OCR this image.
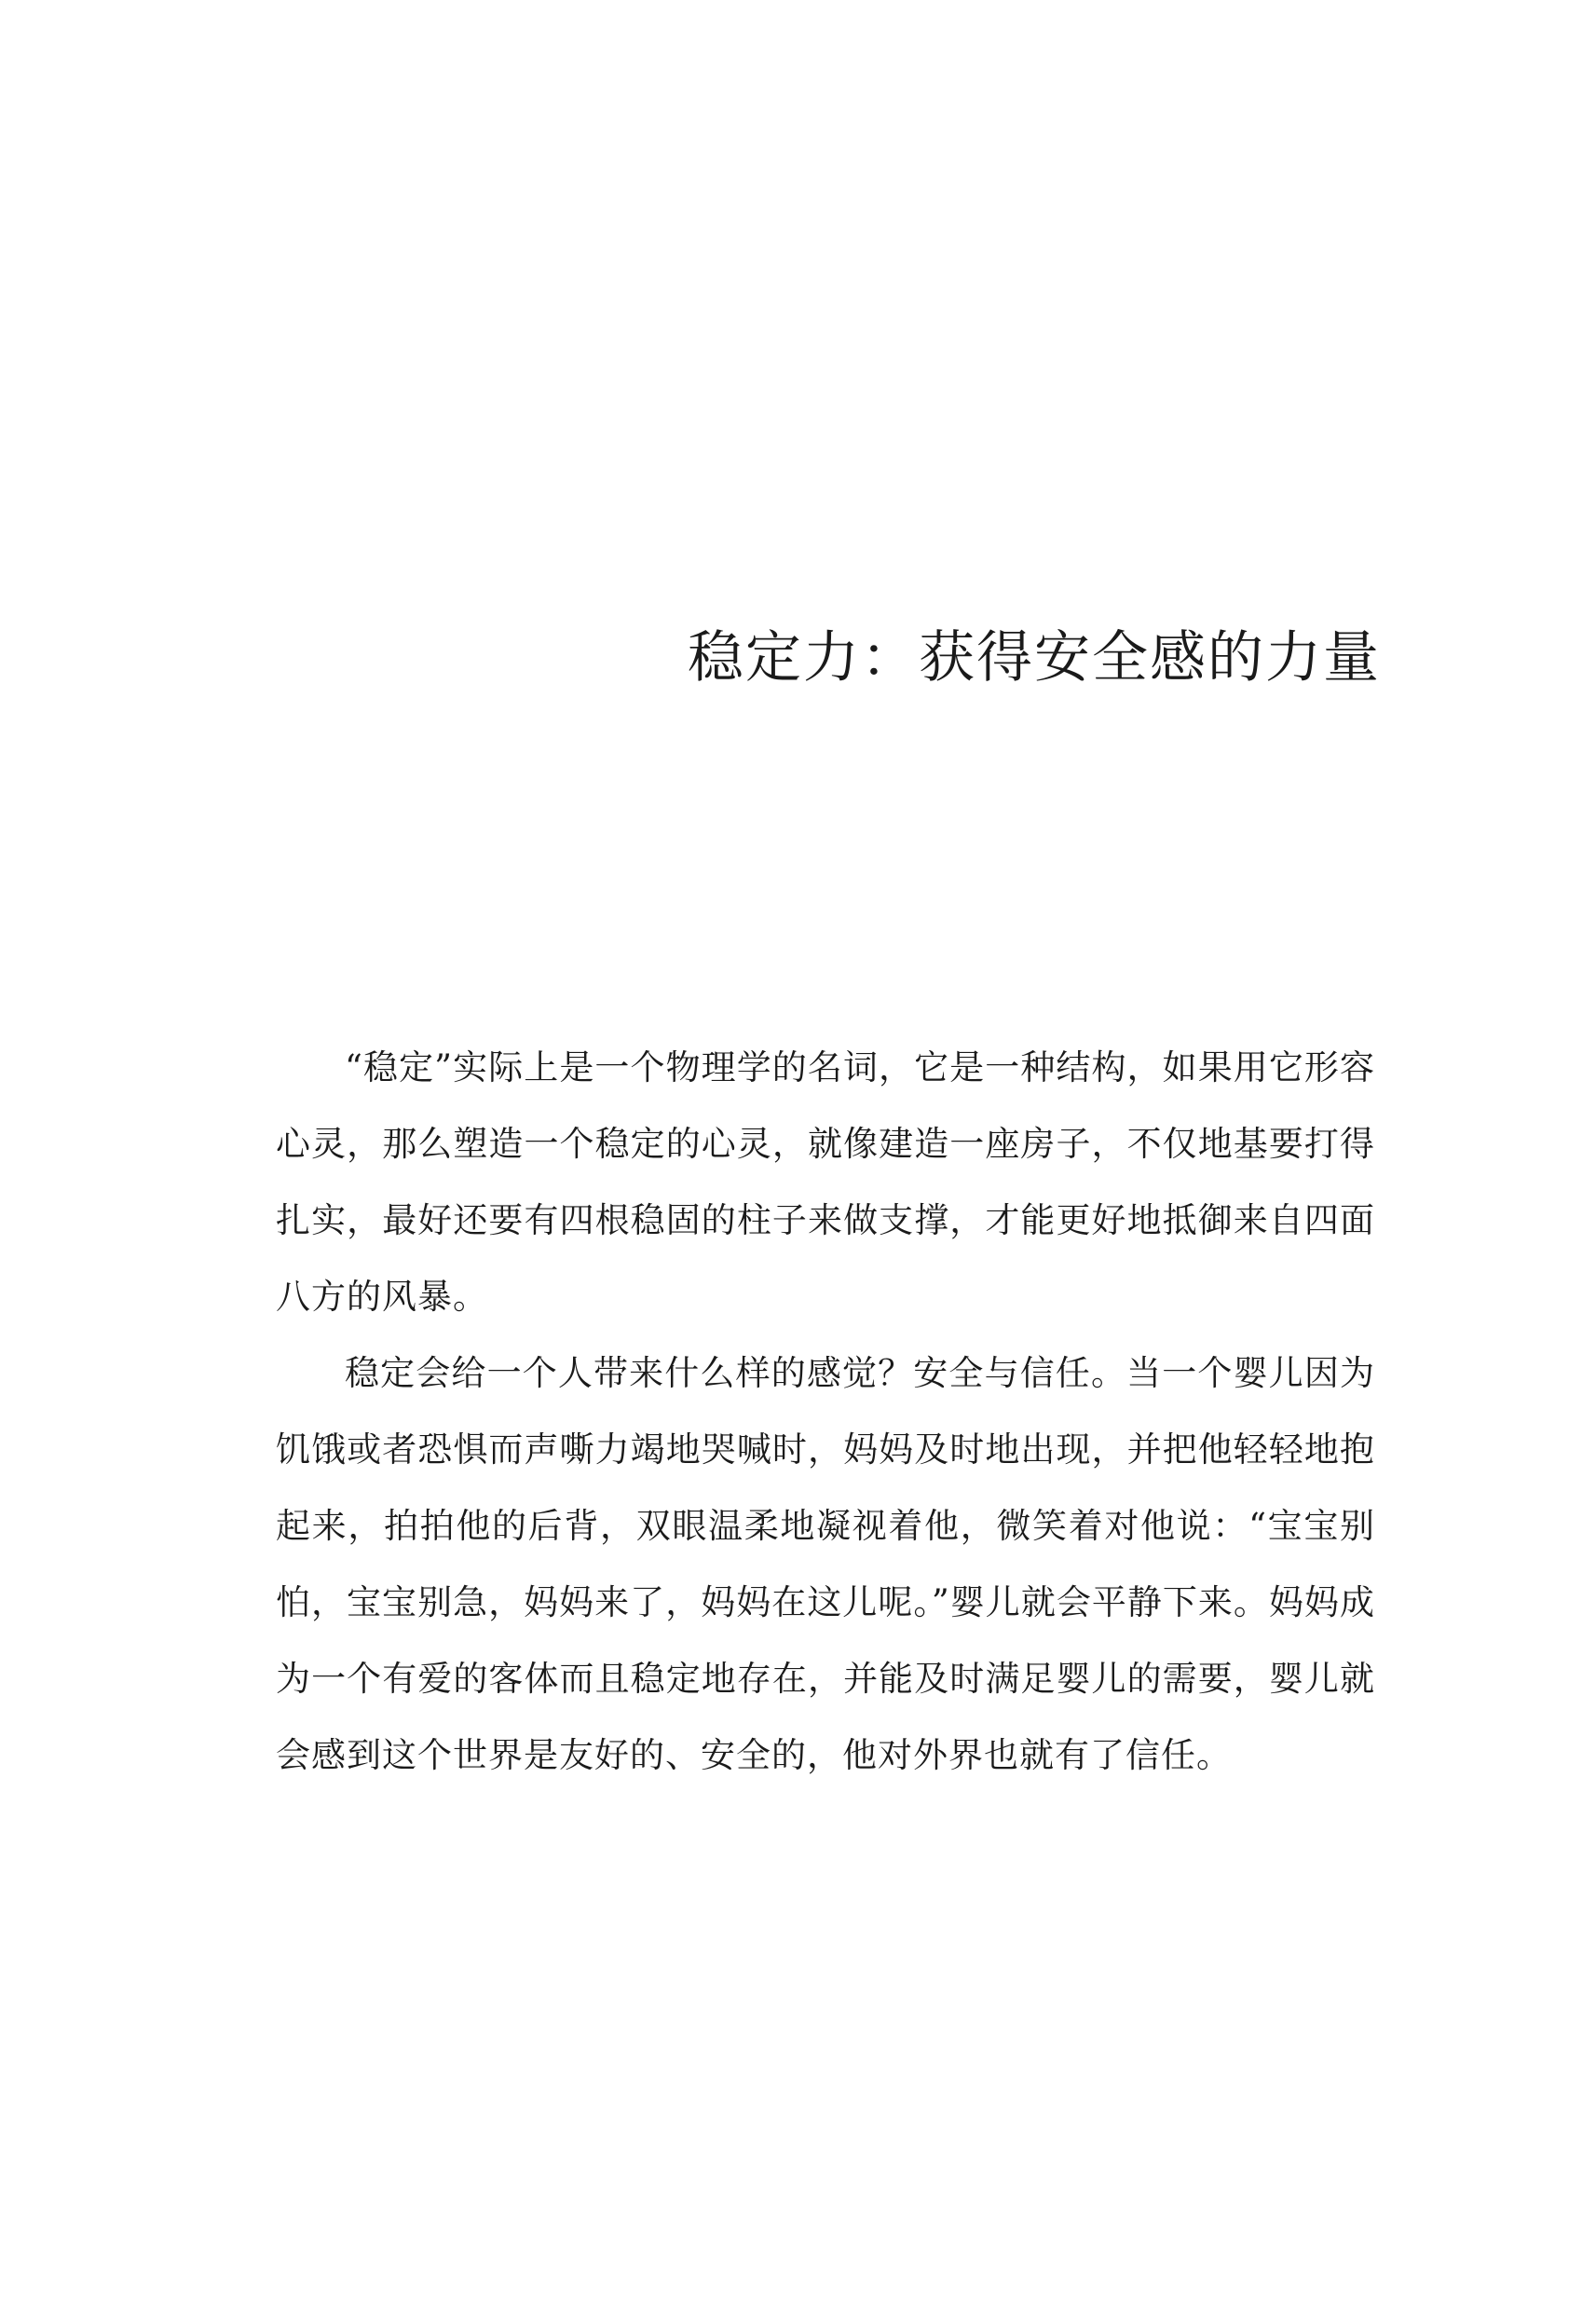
稳定力：获得安全感的力量

“稳定”实际上是一个物理学的名词，它是一种结构，如果用它形容心灵，那么塑造一个稳定的心灵，就像建造一座房子，不仅地基要打得扎实，最好还要有四根稳固的柱子来做支撑，才能更好地抵御来自四面八方的风暴。

稳定会给一个人带来什么样的感觉？安全与信任。当一个婴儿因为饥饿或者恐惧而声嘶力竭地哭喊时，妈妈及时地出现，并把他轻轻地抱起来，拍拍他的后背，双眼温柔地凝视着他，微笑着对他说：“宝宝别怕，宝宝别急，妈妈来了，妈妈在这儿呢。”婴儿就会平静下来。妈妈成为一个有爱的客体而且稳定地存在，并能及时满足婴儿的需要，婴儿就会感到这个世界是友好的、安全的，他对外界也就有了信任。
